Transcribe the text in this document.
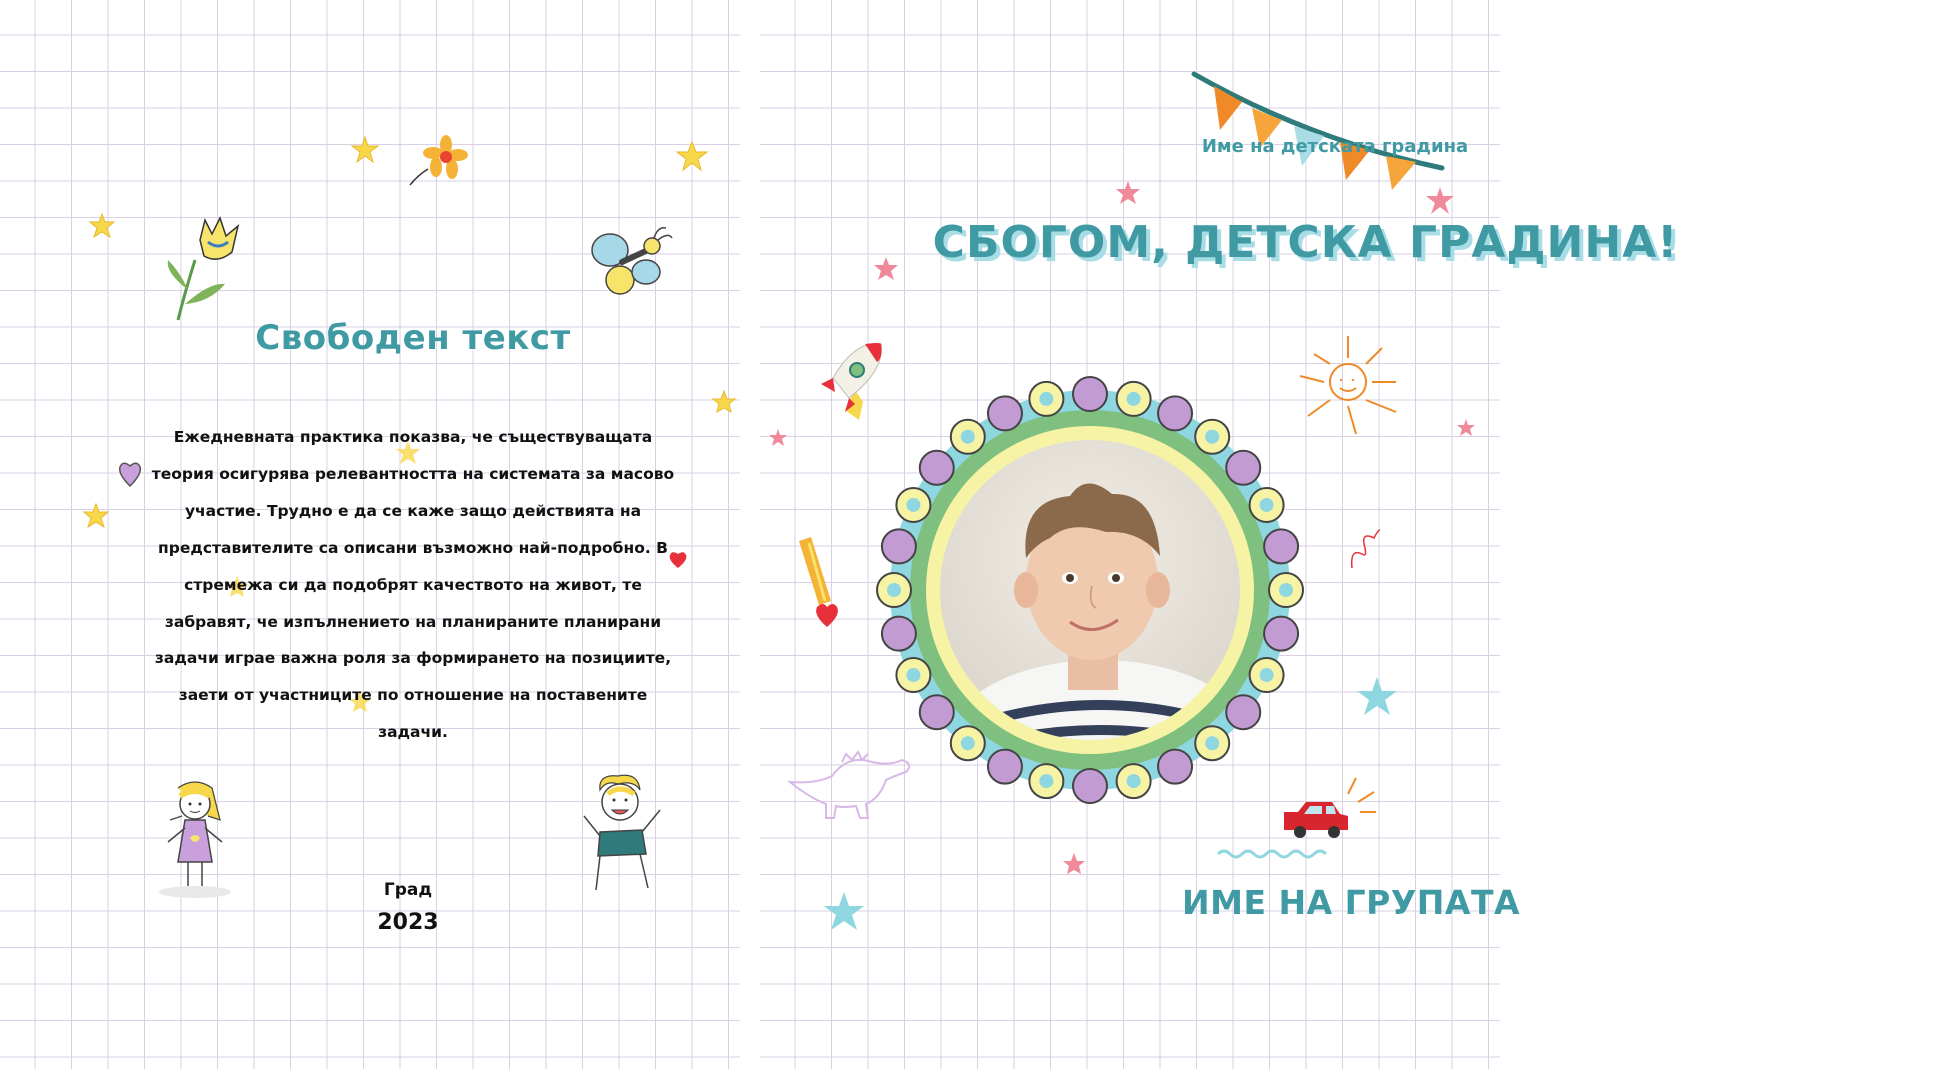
Свободен текст
Ежедневната практика показва, че съществуващата теория осигурява релевантността на системата за масово участие. Трудно е да се каже защо действията на представителите са описани възможно най-подробно. В стремежа си да подобрят качеството на живот, те забравят, че изпълнението на планираните планирани задачи играе важна роля за формирането на позициите, заети от участниците по отношение на поставените задачи.
Град
2023
Име на детската градина
СБОГОМ, ДЕТСКА ГРАДИНА!
ИМЕ НА ГРУПАТА
